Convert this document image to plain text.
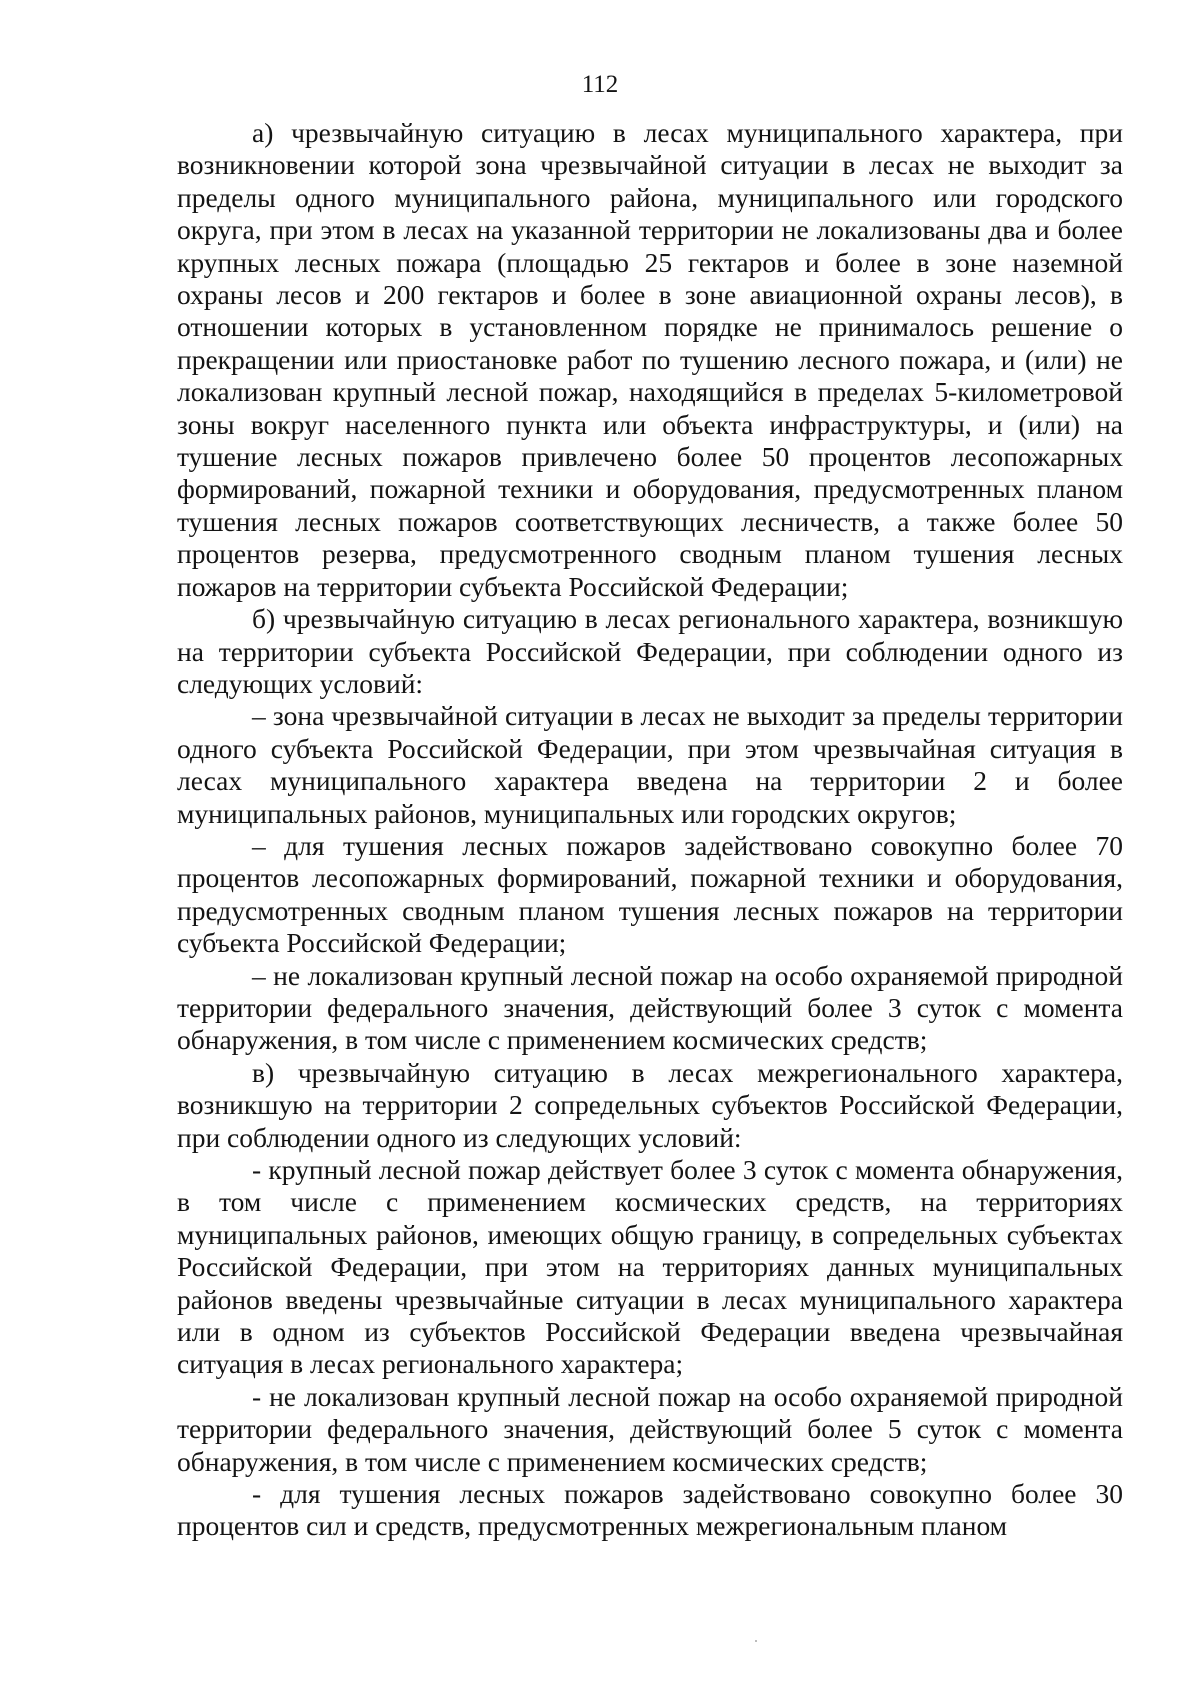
112

а) чрезвычайную ситуацию в лесах муниципального характера, при возникновении которой зона чрезвычайной ситуации в лесах не выходит за пределы одного муниципального района, муниципального или городского округа, при этом в лесах на указанной территории не локализованы два и более крупных лесных пожара (площадью 25 гектаров и более в зоне наземной охраны лесов и 200 гектаров и более в зоне авиационной охраны лесов), в отношении которых в установленном порядке не принималось решение о прекращении или приостановке работ по тушению лесного пожара, и (или) не локализован крупный лесной пожар, находящийся в пределах 5-километровой зоны вокруг населенного пункта или объекта инфраструктуры, и (или) на тушение лесных пожаров привлечено более 50 процентов лесопожарных формирований, пожарной техники и оборудования, предусмотренных планом тушения лесных пожаров соответствующих лесничеств, а также более 50 процентов резерва, предусмотренного сводным планом тушения лесных пожаров на территории субъекта Российской Федерации;

б) чрезвычайную ситуацию в лесах регионального характера, возникшую на территории субъекта Российской Федерации, при соблюдении одного из следующих условий:

– зона чрезвычайной ситуации в лесах не выходит за пределы территории одного субъекта Российской Федерации, при этом чрезвычайная ситуация в лесах муниципального характера введена на территории 2 и более муниципальных районов, муниципальных или городских округов;

– для тушения лесных пожаров задействовано совокупно более 70 процентов лесопожарных формирований, пожарной техники и оборудования, предусмотренных сводным планом тушения лесных пожаров на территории субъекта Российской Федерации;

– не локализован крупный лесной пожар на особо охраняемой природной территории федерального значения, действующий более 3 суток с момента обнаружения, в том числе с применением космических средств;

в) чрезвычайную ситуацию в лесах межрегионального характера, возникшую на территории 2 сопредельных субъектов Российской Федерации, при соблюдении одного из следующих условий:

- крупный лесной пожар действует более 3 суток с момента обнаружения, в том числе с применением космических средств, на территориях муниципальных районов, имеющих общую границу, в сопредельных субъектах Российской Федерации, при этом на территориях данных муниципальных районов введены чрезвычайные ситуации в лесах муниципального характера или в одном из субъектов Российской Федерации введена чрезвычайная ситуация в лесах регионального характера;

- не локализован крупный лесной пожар на особо охраняемой природной территории федерального значения, действующий более 5 суток с момента обнаружения, в том числе с применением космических средств;

- для тушения лесных пожаров задействовано совокупно более 30 процентов сил и средств, предусмотренных межрегиональным планом
